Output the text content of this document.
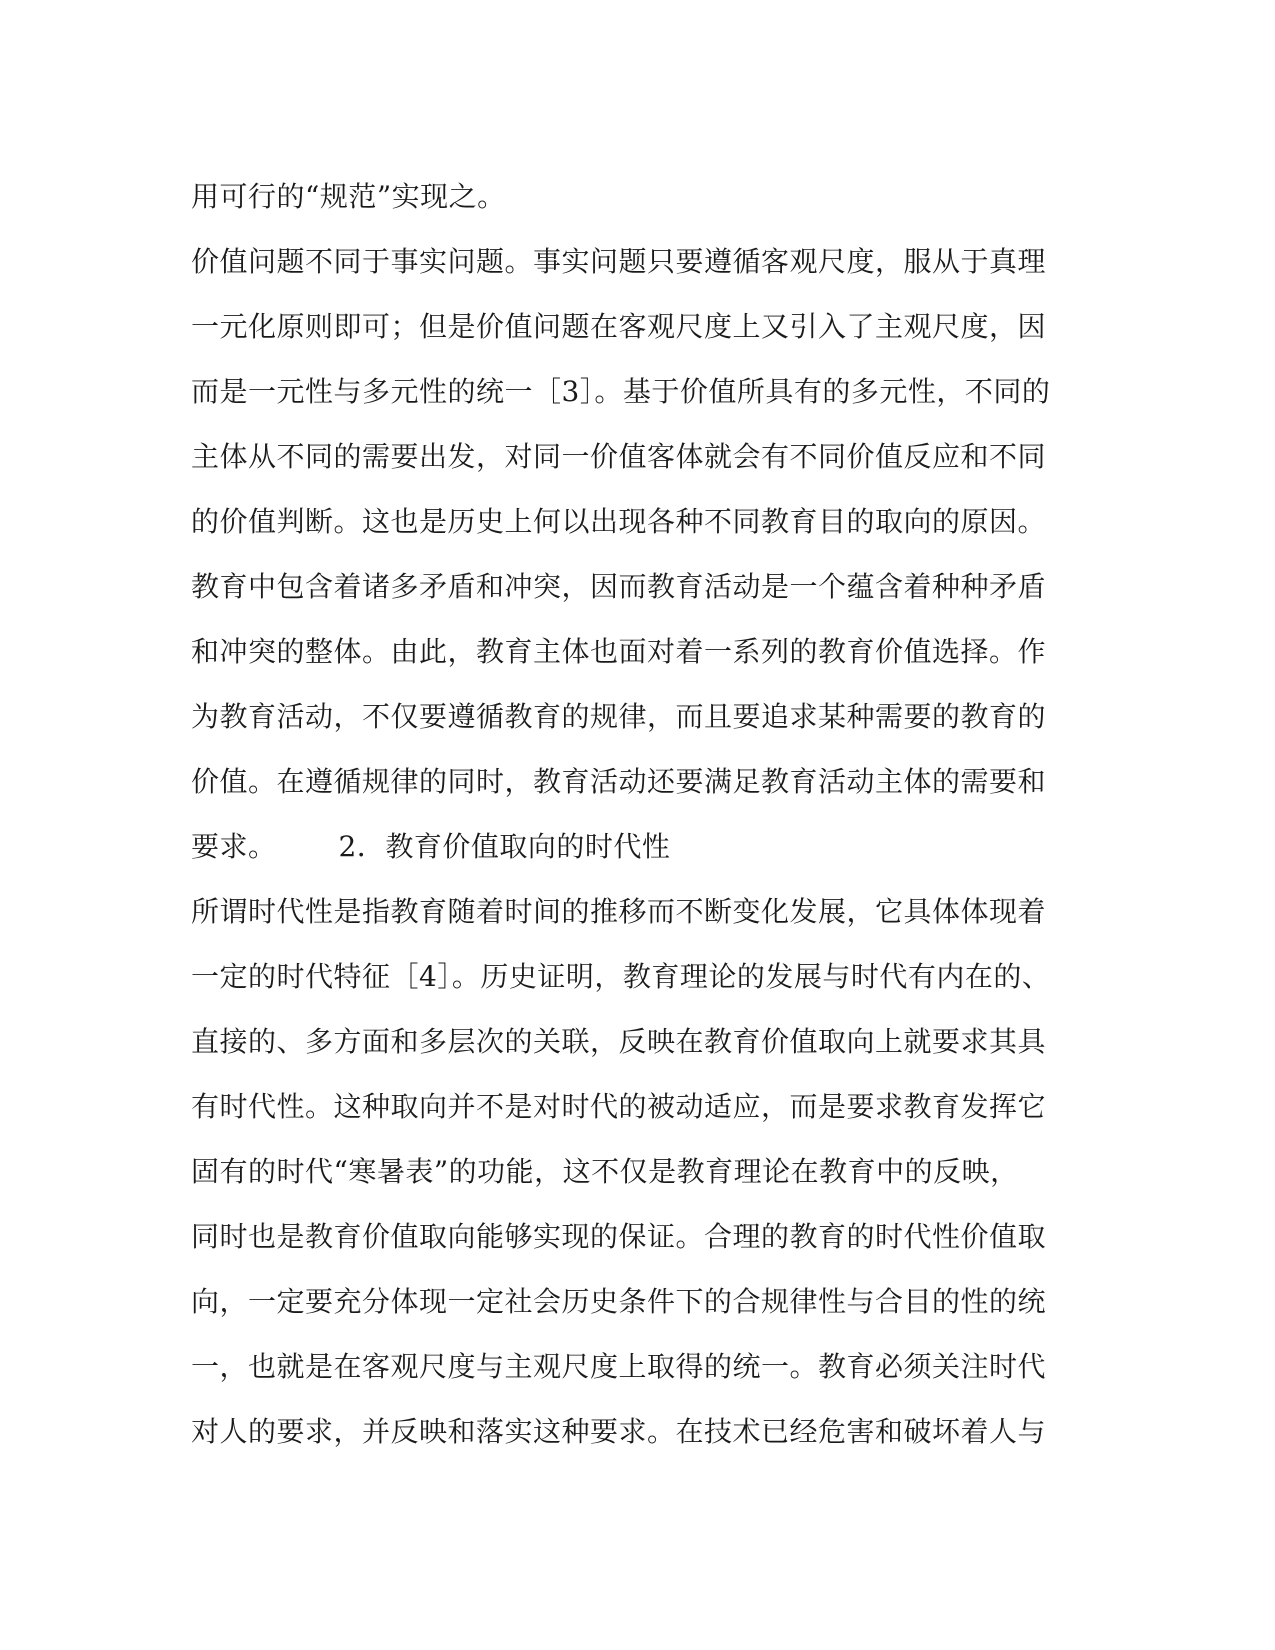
用可行的“规范”实现之。
价值问题不同于事实问题。事实问题只要遵循客观尺度，服从于真理
一元化原则即可；但是价值问题在客观尺度上又引入了主观尺度，因
而是一元性与多元性的统一［3］。基于价值所具有的多元性，不同的
主体从不同的需要出发，对同一价值客体就会有不同价值反应和不同
的价值判断。这也是历史上何以出现各种不同教育目的取向的原因。
教育中包含着诸多矛盾和冲突，因而教育活动是一个蕴含着种种矛盾
和冲突的整体。由此，教育主体也面对着一系列的教育价值选择。作
为教育活动，不仅要遵循教育的规律，而且要追求某种需要的教育的
价值。在遵循规律的同时，教育活动还要满足教育活动主体的需要和
要求。 2．教育价值取向的时代性
所谓时代性是指教育随着时间的推移而不断变化发展，它具体体现着
一定的时代特征［4］。历史证明，教育理论的发展与时代有内在的、
直接的、多方面和多层次的关联，反映在教育价值取向上就要求其具
有时代性。这种取向并不是对时代的被动适应，而是要求教育发挥它
固有的时代“寒暑表”的功能，这不仅是教育理论在教育中的反映，
同时也是教育价值取向能够实现的保证。合理的教育的时代性价值取
向，一定要充分体现一定社会历史条件下的合规律性与合目的性的统
一，也就是在客观尺度与主观尺度上取得的统一。教育必须关注时代
对人的要求，并反映和落实这种要求。在技术已经危害和破坏着人与
